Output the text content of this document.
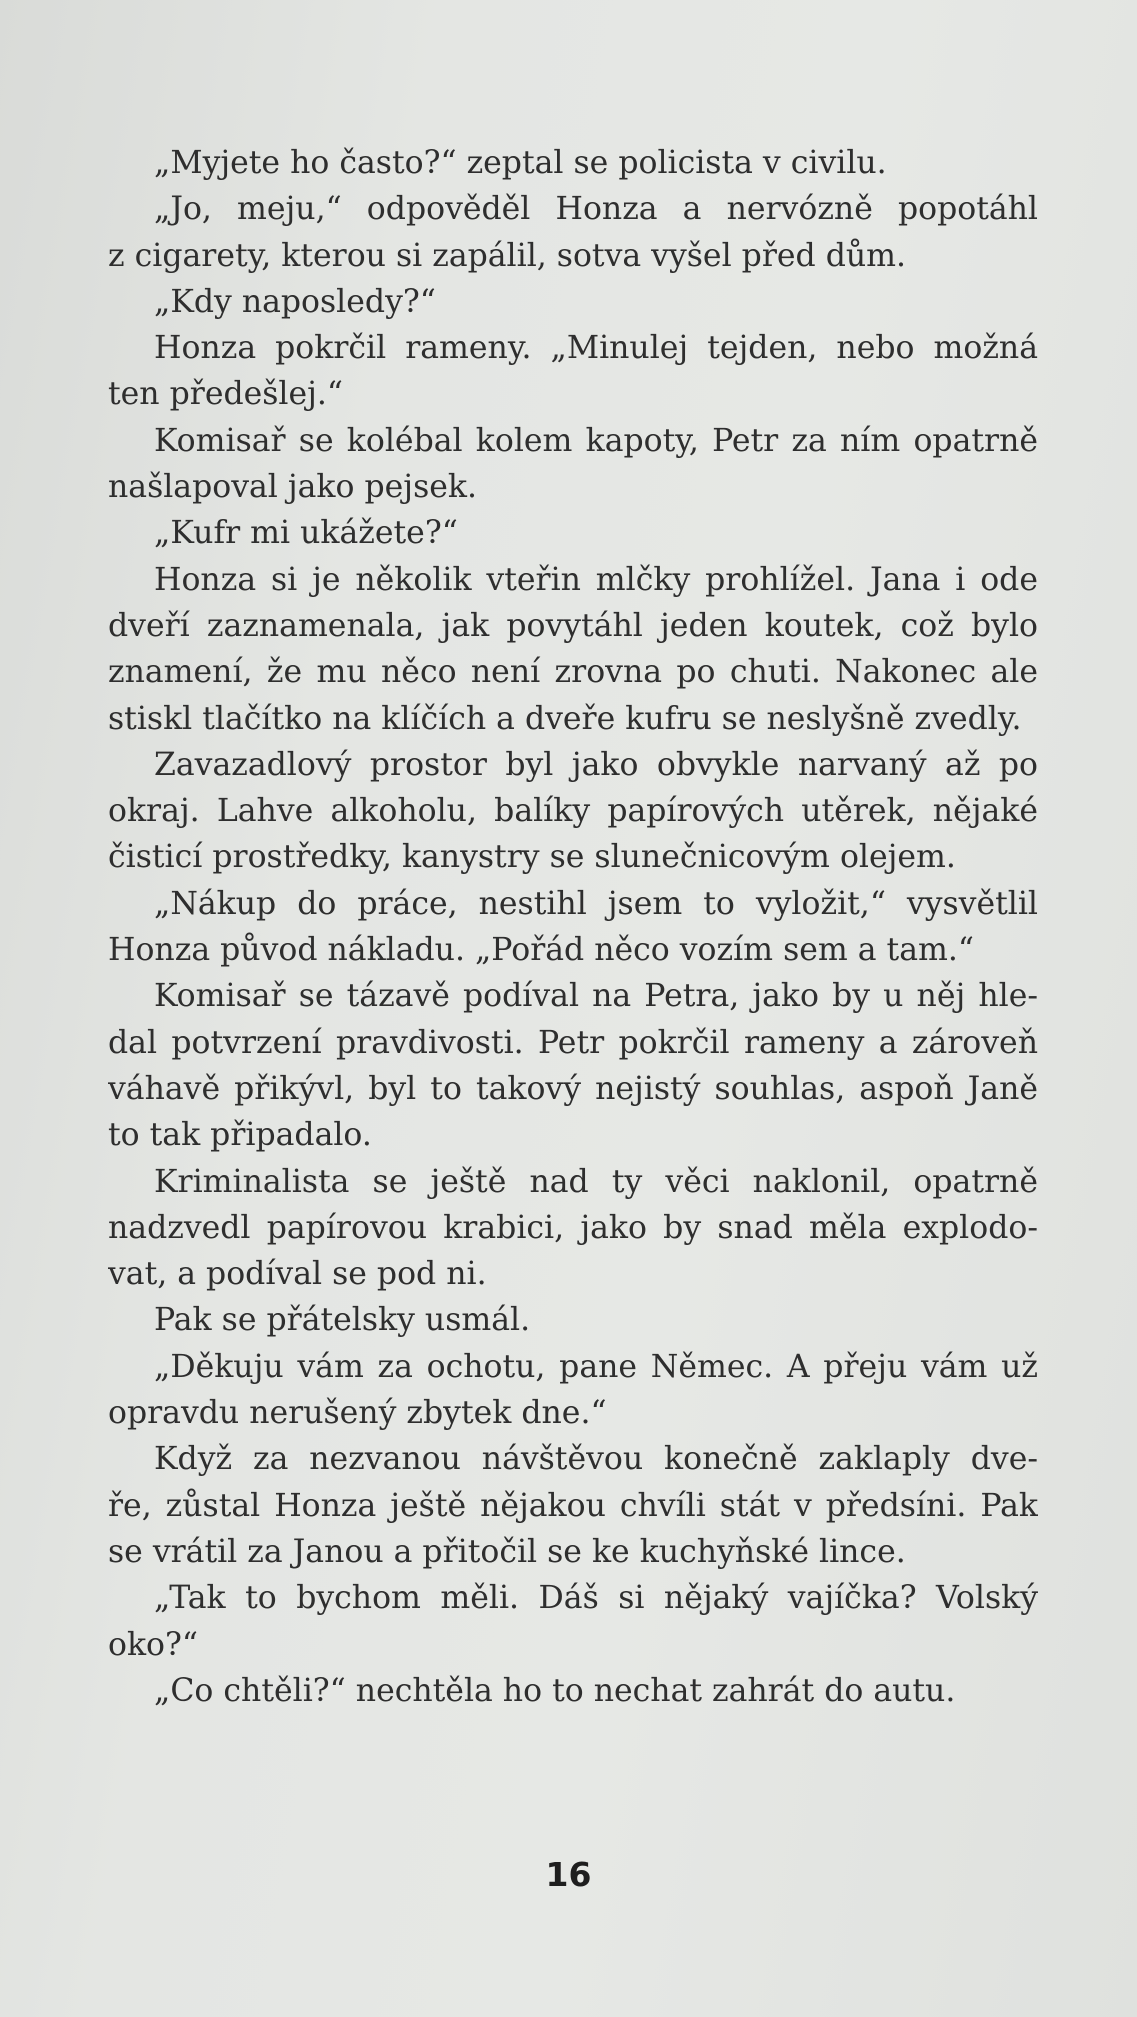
„Myjete ho často?“ zeptal se policista v civilu.
„Jo, meju,“ odpověděl Honza a nervózně popotáhl
z cigarety, kterou si zapálil, sotva vyšel před dům.
„Kdy naposledy?“
Honza pokrčil rameny. „Minulej tejden, nebo možná
ten předešlej.“
Komisař se kolébal kolem kapoty, Petr za ním opatrně
našlapoval jako pejsek.
„Kufr mi ukážete?“
Honza si je několik vteřin mlčky prohlížel. Jana i ode
dveří zaznamenala, jak povytáhl jeden koutek, což bylo
znamení, že mu něco není zrovna po chuti. Nakonec ale
stiskl tlačítko na klíčích a dveře kufru se neslyšně zvedly.
Zavazadlový prostor byl jako obvykle narvaný až po
okraj. Lahve alkoholu, balíky papírových utěrek, nějaké
čisticí prostředky, kanystry se slunečnicovým olejem.
„Nákup do práce, nestihl jsem to vyložit,“ vysvětlil
Honza původ nákladu. „Pořád něco vozím sem a tam.“
Komisař se tázavě podíval na Petra, jako by u něj hle-
dal potvrzení pravdivosti. Petr pokrčil rameny a zároveň
váhavě přikývl, byl to takový nejistý souhlas, aspoň Janě
to tak připadalo.
Kriminalista se ještě nad ty věci naklonil, opatrně
nadzvedl papírovou krabici, jako by snad měla explodo-
vat, a podíval se pod ni.
Pak se přátelsky usmál.
„Děkuju vám za ochotu, pane Němec. A přeju vám už
opravdu nerušený zbytek dne.“
Když za nezvanou návštěvou konečně zaklaply dve-
ře, zůstal Honza ještě nějakou chvíli stát v předsíni. Pak
se vrátil za Janou a přitočil se ke kuchyňské lince.
„Tak to bychom měli. Dáš si nějaký vajíčka? Volský
oko?“
„Co chtěli?“ nechtěla ho to nechat zahrát do autu.
16
